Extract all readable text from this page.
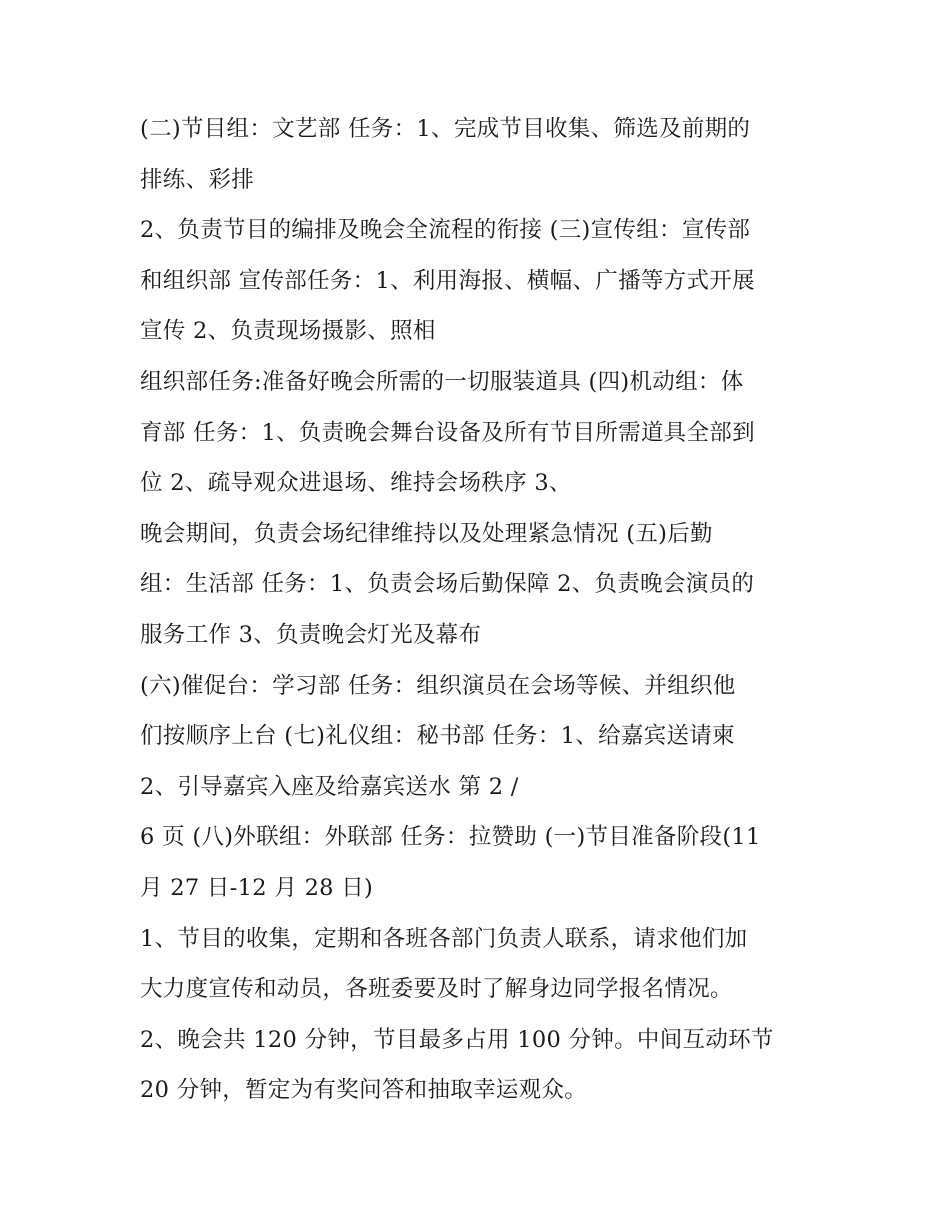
(二)节目组：文艺部 任务：1、完成节目收集、筛选及前期的

排练、彩排

2、负责节目的编排及晚会全流程的衔接 (三)宣传组：宣传部

和组织部 宣传部任务：1、利用海报、横幅、广播等方式开展

宣传 2、负责现场摄影、照相

组织部任务:准备好晚会所需的一切服装道具 (四)机动组：体

育部 任务：1、负责晚会舞台设备及所有节目所需道具全部到

位 2、疏导观众进退场、维持会场秩序 3、

晚会期间，负责会场纪律维持以及处理紧急情况 (五)后勤

组：生活部 任务：1、负责会场后勤保障 2、负责晚会演员的

服务工作 3、负责晚会灯光及幕布

(六)催促台：学习部 任务：组织演员在会场等候、并组织他

们按顺序上台 (七)礼仪组：秘书部 任务：1、给嘉宾送请柬

2、引导嘉宾入座及给嘉宾送水 第 2 /

6 页 (八)外联组：外联部 任务：拉赞助 (一)节目准备阶段(11

月 27 日-12 月 28 日)

1、节目的收集，定期和各班各部门负责人联系，请求他们加

大力度宣传和动员，各班委要及时了解身边同学报名情况。

2、晚会共 120 分钟，节目最多占用 100 分钟。中间互动环节

20 分钟，暂定为有奖问答和抽取幸运观众。
